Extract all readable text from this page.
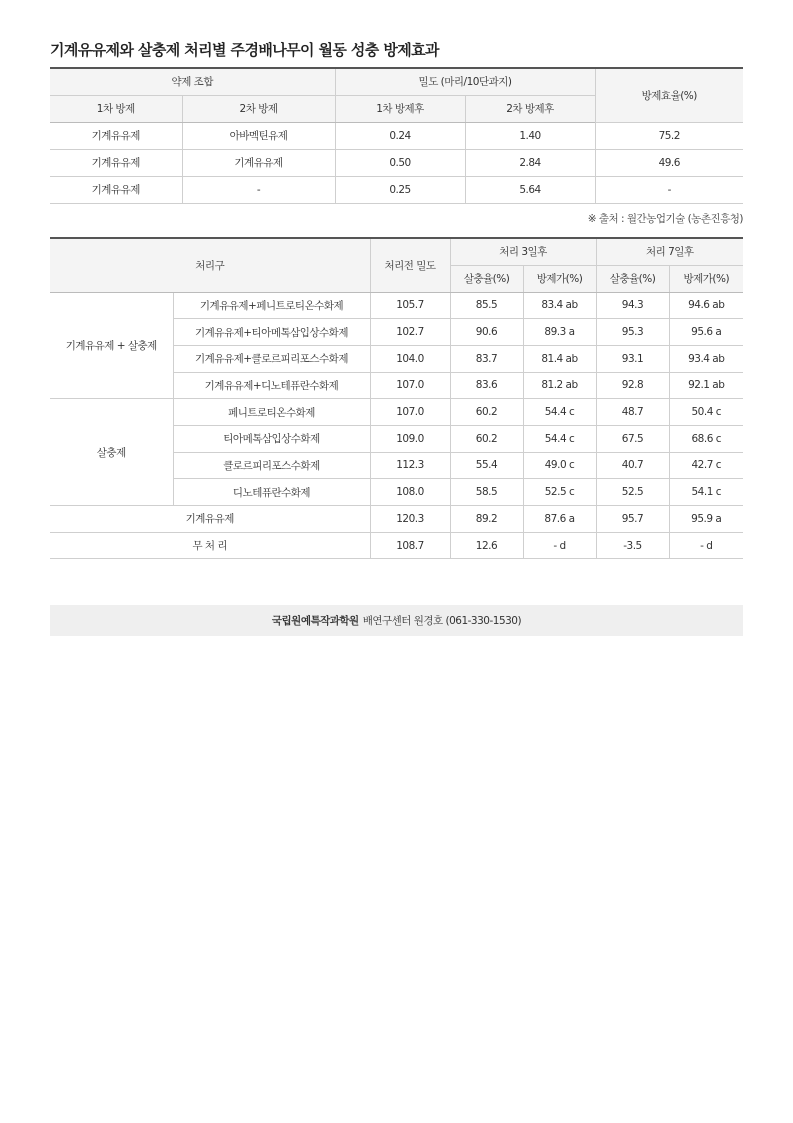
기계유유제와 살충제 처리별 주경배나무이 월동 성충 방제효과
약제 조합		밀도 (마리/10단과지)		방제효율(%)
1차 방제	2차 방제	1차 방제후	2차 방제후	
기계유유제	아바멕틴유제	0.24	1.40	75.2
기계유유제	기계유유제	0.50	2.84	49.6
기계유유제	-	0.25	5.64	-
※ 출처 : 월간농업기술 (농촌진흥청)
처리구		처리전 밀도	처리 3일후		처리 7일후	
			살충율(%)	방제가(%)	살충율(%)	방제가(%)
기계유유제 + 살충제	기계유유제+페니트로티온수화제	105.7	85.5	83.4 ab	94.3	94.6 ab
	기계유유제+티아메톡삼입상수화제	102.7	90.6	89.3 a	95.3	95.6 a
	기계유유제+클로르피리포스수화제	104.0	83.7	81.4 ab	93.1	93.4 ab
	기계유유제+디노테퓨란수화제	107.0	83.6	81.2 ab	92.8	92.1 ab
살충제	페니트로티온수화제	107.0	60.2	54.4 c	48.7	50.4 c
	티아메톡삼입상수화제	109.0	60.2	54.4 c	67.5	68.6 c
	클로르피리포스수화제	112.3	55.4	49.0 c	40.7	42.7 c
	디노테퓨란수화제	108.0	58.5	52.5 c	52.5	54.1 c
기계유유제		120.3	89.2	87.6 a	95.7	95.9 a
무 처 리		108.7	12.6	- d	-3.5	- d
국립원예특작과학원 배연구센터 원경호 (061-330-1530)
